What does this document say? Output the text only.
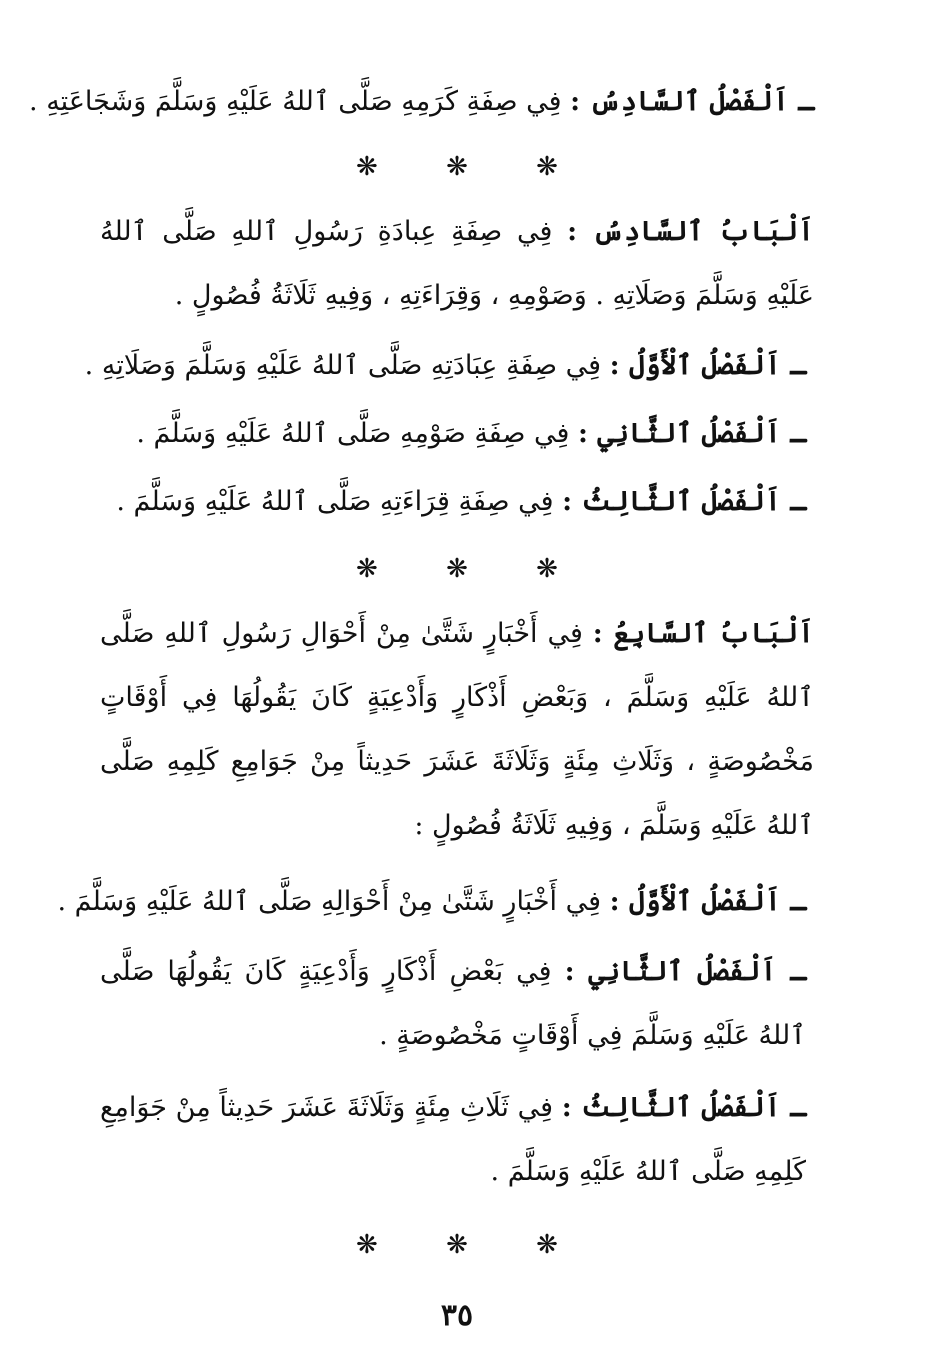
ـ اَلْفَصْلُ ٱلسَّادِسُ : فِي صِفَةِ كَرَمِهِ صَلَّى ٱللهُ عَلَيْهِ وَسَلَّمَ وَشَجَاعَتِهِ .
❋ ❋ ❋
اَلْبَابُ ٱلسَّادِسُ : فِي صِفَةِ عِبادَةِ رَسُولِ ٱللهِ صَلَّى ٱللهُ عَلَيْهِ وَسَلَّمَ وَصَلَاتِهِ . وَصَوْمِهِ ، وَقِرَاءَتِهِ ، وَفِيهِ ثَلَاثَةُ فُصُولٍ .
ـ اَلْفَصْلُ ٱلْأَوَّلُ : فِي صِفَةِ عِبَادَتِهِ صَلَّى ٱللهُ عَلَيْهِ وَسَلَّمَ وَصَلَاتِهِ .
ـ اَلْفَصْلُ ٱلثَّانِي : فِي صِفَةِ صَوْمِهِ صَلَّى ٱللهُ عَلَيْهِ وَسَلَّمَ .
ـ اَلْفَصْلُ ٱلثَّالِثُ : فِي صِفَةِ قِرَاءَتِهِ صَلَّى ٱللهُ عَلَيْهِ وَسَلَّمَ .
❋ ❋ ❋
اَلْبَابُ ٱلسَّابِعُ : فِي أَخْبَارٍ شَتَّىٰ مِنْ أَحْوَالِ رَسُولِ ٱللهِ صَلَّى ٱللهُ عَلَيْهِ وَسَلَّمَ ، وَبَعْضِ أَذْكَارٍ وَأَدْعِيَةٍ كَانَ يَقُولُهَا فِي أَوْقَاتٍ مَخْصُوصَةٍ ، وَثَلَاثِ مِئَةٍ وَثَلَاثَةَ عَشَرَ حَدِيثاً مِنْ جَوَامِعِ كَلِمِهِ صَلَّى ٱللهُ عَلَيْهِ وَسَلَّمَ ، وَفِيهِ ثَلَاثَةُ فُصُولٍ :
ـ اَلْفَصْلُ ٱلْأَوَّلُ : فِي أَخْبَارٍ شَتَّىٰ مِنْ أَحْوَالِهِ صَلَّى ٱللهُ عَلَيْهِ وَسَلَّمَ .
ـ اَلْفَصْلُ ٱلثَّانِي : فِي بَعْضِ أَذْكَارٍ وَأَدْعِيَةٍ كَانَ يَقُولُهَا صَلَّى ٱللهُ عَلَيْهِ وَسَلَّمَ فِي أَوْقَاتٍ مَخْصُوصَةٍ .
ـ اَلْفَصْلُ ٱلثَّالِثُ : فِي ثَلَاثِ مِئَةٍ وَثَلَاثَةَ عَشَرَ حَدِيثاً مِنْ جَوَامِعِ كَلِمِهِ صَلَّى ٱللهُ عَلَيْهِ وَسَلَّمَ .
❋ ❋ ❋
٣٥
